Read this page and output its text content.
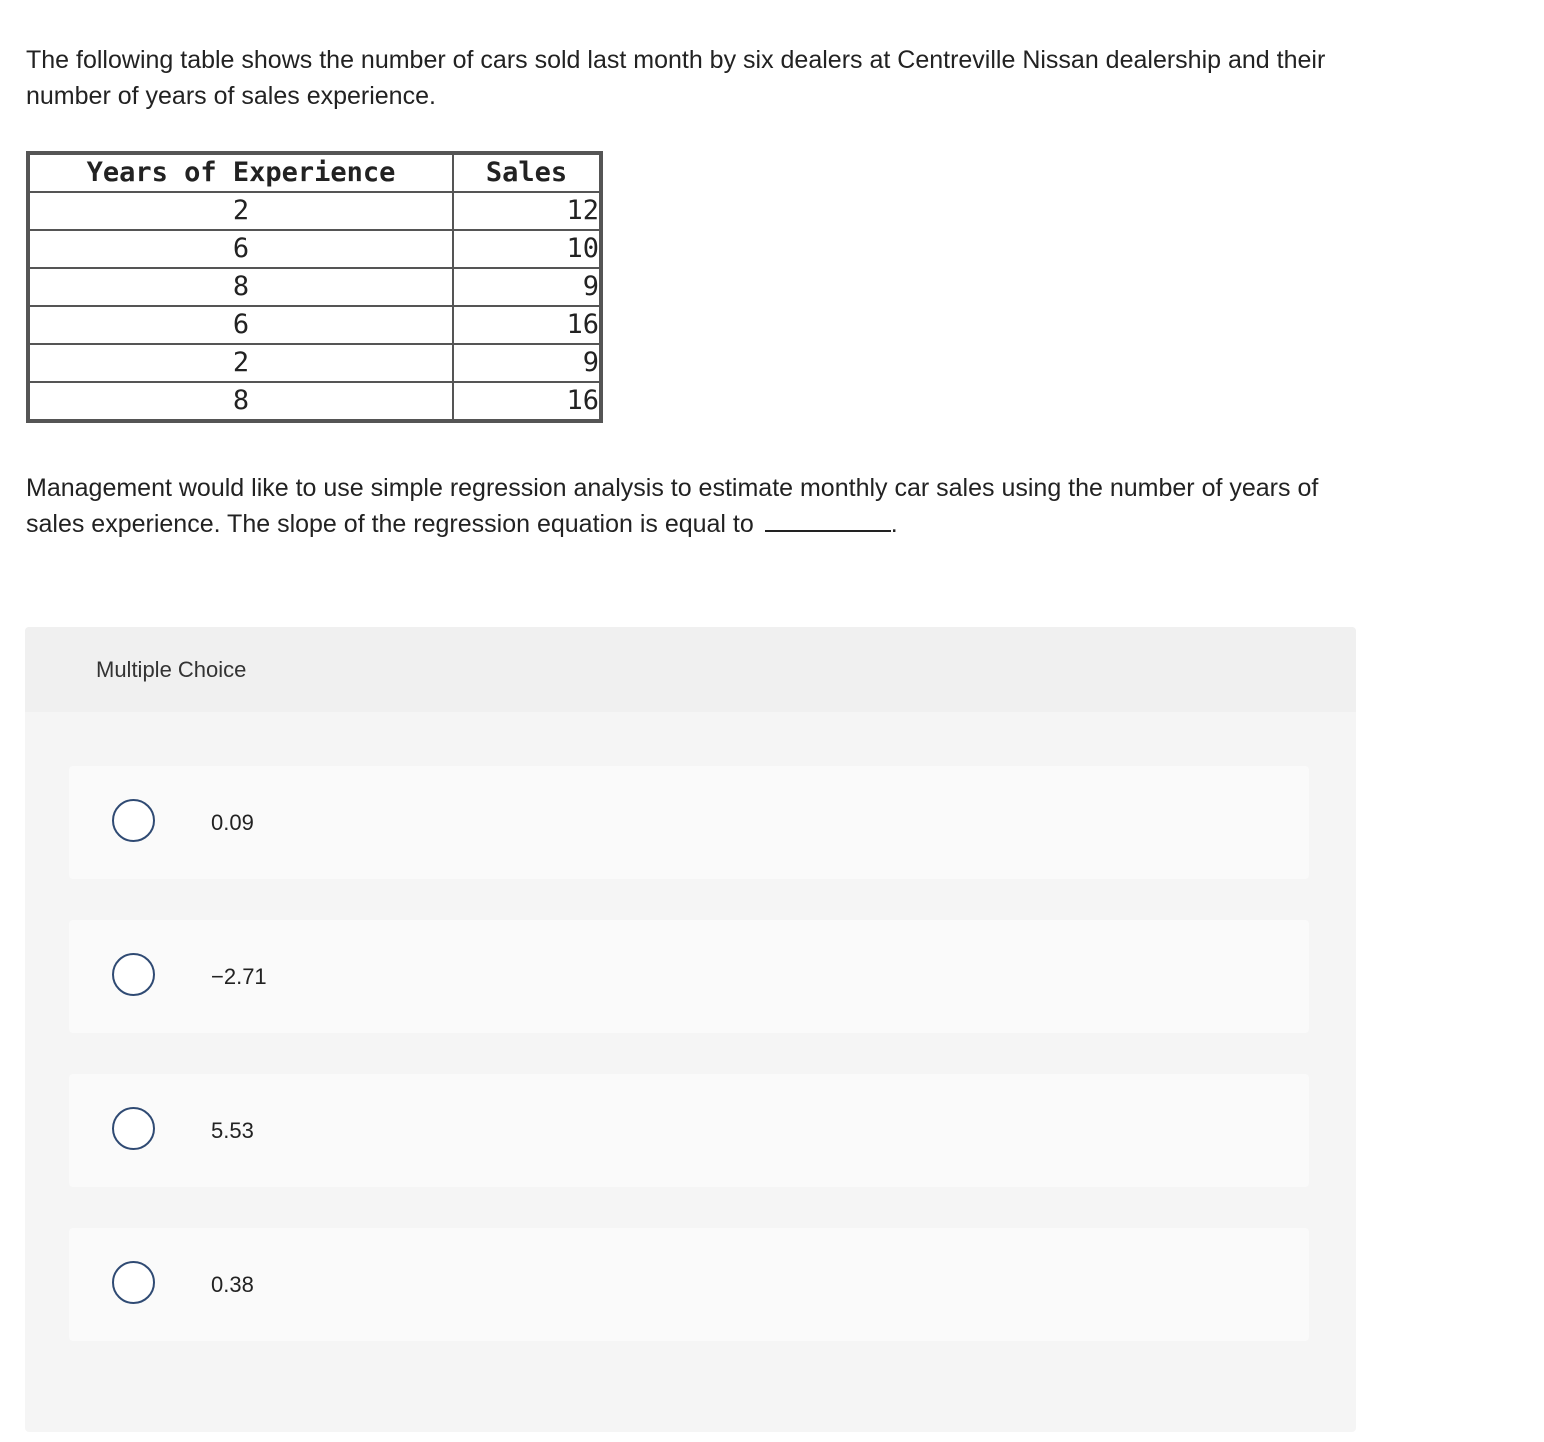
The following table shows the number of cars sold last month by six dealers at Centreville Nissan dealership and their number of years of sales experience.

Years of Experience	Sales
2	12
6	10
8	9
6	16
2	9
8	16

Management would like to use simple regression analysis to estimate monthly car sales using the number of years of sales experience. The slope of the regression equation is equal to	.

Multiple Choice
0.09
−2.71
5.53
0.38
